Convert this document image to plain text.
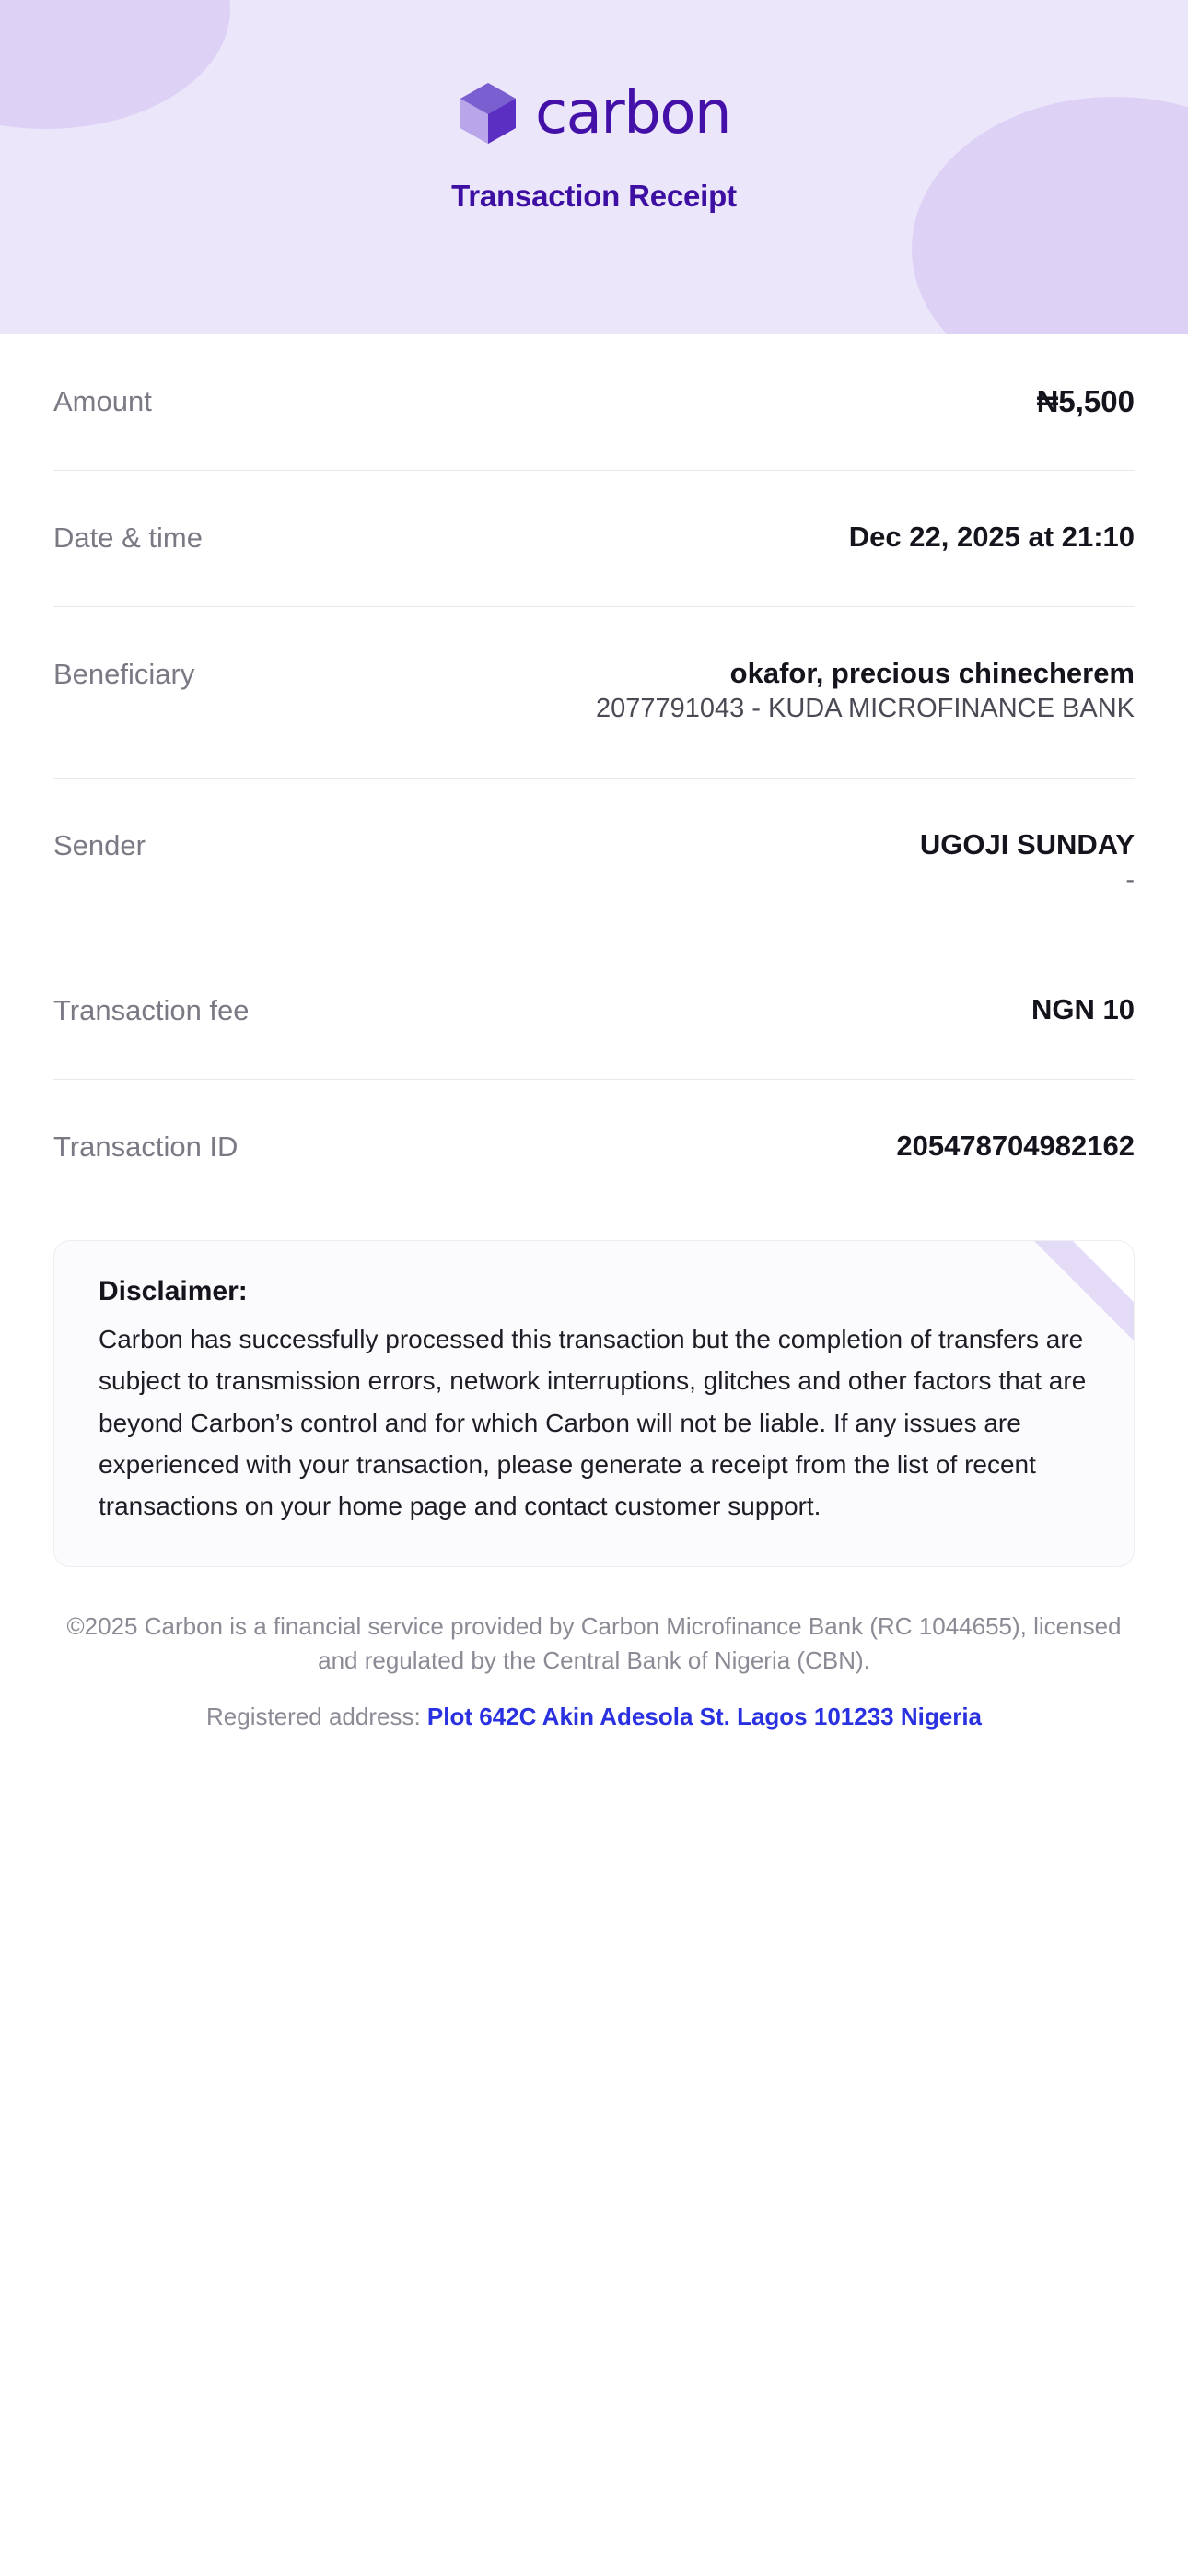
carbon
Transaction Receipt
Amount	₦5,500
Date & time	Dec 22, 2025 at 21:10
Beneficiary	okafor, precious chinecherem
2077791043 - KUDA MICROFINANCE BANK
Sender	UGOJI SUNDAY
-
Transaction fee	NGN 10
Transaction ID	205478704982162
Disclaimer:
Carbon has successfully processed this transaction but the completion of transfers are subject to transmission errors, network interruptions, glitches and other factors that are beyond Carbon’s control and for which Carbon will not be liable. If any issues are experienced with your transaction, please generate a receipt from the list of recent transactions on your home page and contact customer support.
©2025 Carbon is a financial service provided by Carbon Microfinance Bank (RC 1044655), licensed and regulated by the Central Bank of Nigeria (CBN).
Registered address: Plot 642C Akin Adesola St. Lagos 101233 Nigeria
